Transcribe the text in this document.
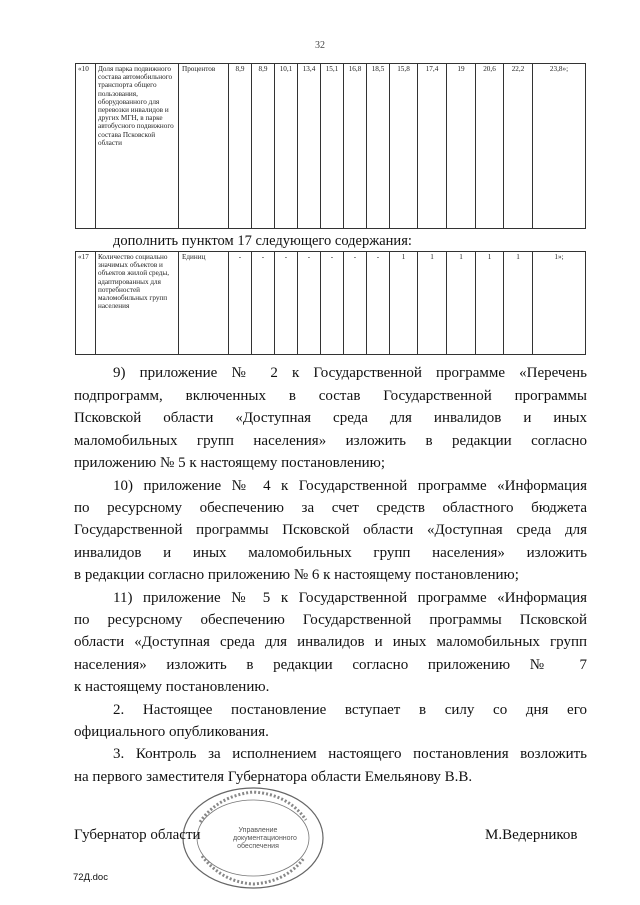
32
«10	Доля парка подвижного состава автомобильного транспорта общего пользования, оборудованного для перевозки инвалидов и других МГН, в парке автобусного подвижного состава Псковской области	Процентов	8,9	8,9	10,1	13,4	15,1	16,8	18,5	15,8	17,4	19	20,6	22,2	23,8»;
дополнить пунктом 17 следующего содержания:
«17	Количество социально значимых объектов и объектов жилой среды, адаптированных для потребностей маломобильных групп населения	Единиц	-	-	-	-	-	-	-	1	1	1	1	1	1»;
9) приложение № 2 к Государственной программе «Перечень
подпрограмм, включенных в состав Государственной программы
Псковской области «Доступная среда для инвалидов и иных
маломобильных групп населения» изложить в редакции согласно
приложению № 5 к настоящему постановлению;
10) приложение № 4 к Государственной программе «Информация
по ресурсному обеспечению за счет средств областного бюджета
Государственной программы Псковской области «Доступная среда для
инвалидов и иных маломобильных групп населения» изложить
в редакции согласно приложению № 6 к настоящему постановлению;
11) приложение № 5 к Государственной программе «Информация
по ресурсному обеспечению Государственной программы Псковской
области «Доступная среда для инвалидов и иных маломобильных групп
населения» изложить в редакции согласно приложению № 7
к настоящему постановлению.
2. Настоящее постановление вступает в силу со дня его
официального опубликования.
3. Контроль за исполнением настоящего постановления возложить
на первого заместителя Губернатора области Емельянову В.В.
Управление документационного обеспечения
Губернатор области	М.Ведерников
72Д.doc
